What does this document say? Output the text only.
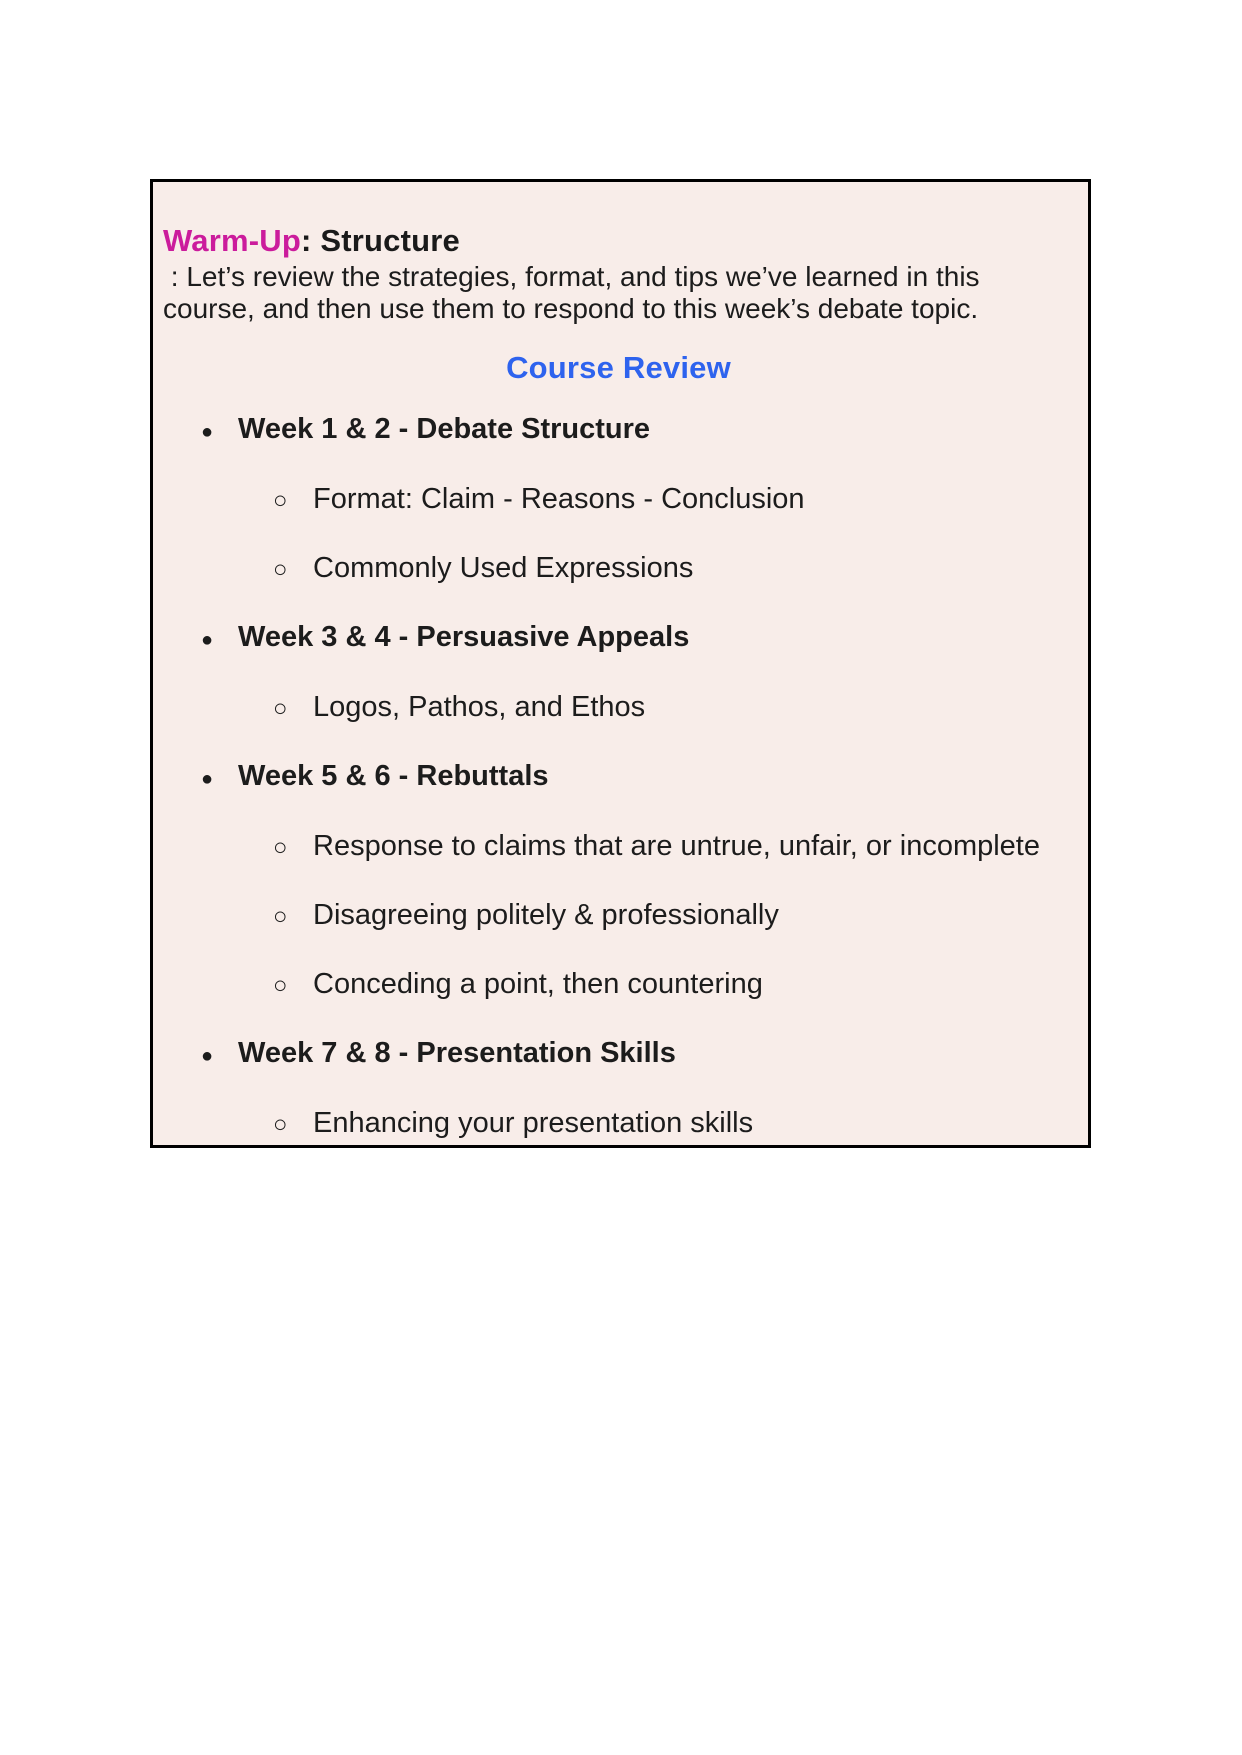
Warm-Up: Structure

: Let’s review the strategies, format, and tips we’ve learned in this
course, and then use them to respond to this week’s debate topic.

Course Review
● Week 1 & 2 - Debate Structure
○ Format: Claim - Reasons - Conclusion
○ Commonly Used Expressions
● Week 3 & 4 - Persuasive Appeals
○ Logos, Pathos, and Ethos
● Week 5 & 6 - Rebuttals
○ Response to claims that are untrue, unfair, or incomplete
○ Disagreeing politely & professionally
○ Conceding a point, then countering
● Week 7 & 8 - Presentation Skills
○ Enhancing your presentation skills
